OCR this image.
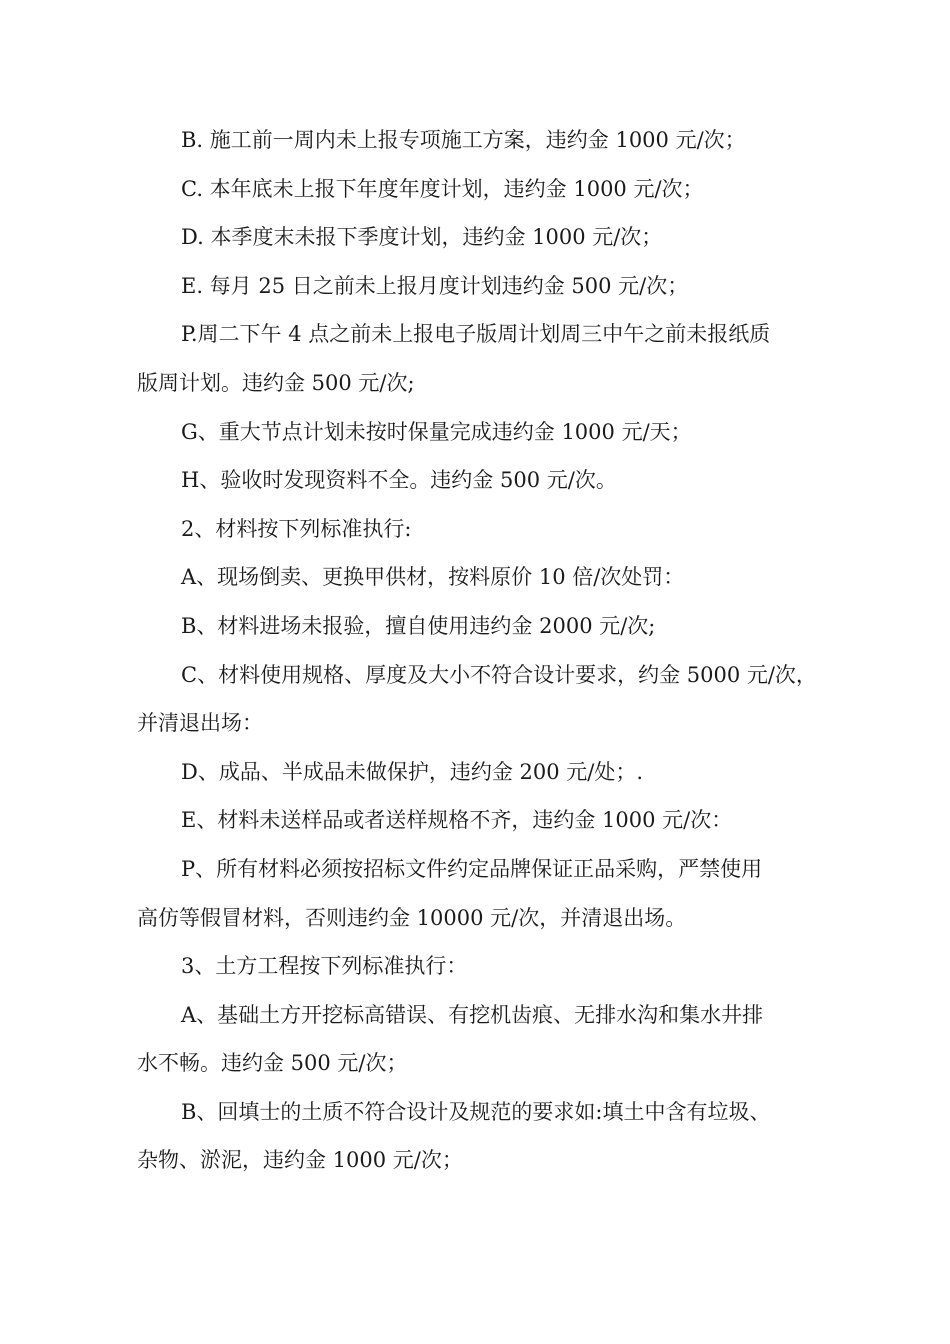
B. 施工前一周内未上报专项施工方案，违约金 1000 元/次；
C. 本年底未上报下年度年度计划，违约金 1000 元/次；
D. 本季度末未报下季度计划，违约金 1000 元/次；
E. 每月 25 日之前未上报月度计划违约金 500 元/次；
P.周二下午 4 点之前未上报电子版周计划周三中午之前未报纸质
版周计划。违约金 500 元/次;
G、重大节点计划未按时保量完成违约金 1000 元/天；
H、验收时发现资料不全。违约金 500 元/次。
2、材料按下列标准执行:
A、现场倒卖、更换甲供材，按料原价 10 倍/次处罚：
B、材料进场未报验，擅自使用违约金 2000 元/次;
C、材料使用规格、厚度及大小不符合设计要求，约金 5000 元/次，
并清退出场：
D、成品、半成品未做保护，违约金 200 元/处；.
E、材料未送样品或者送样规格不齐，违约金 1000 元/次：
P、所有材料必须按招标文件约定品牌保证正品采购，严禁使用
高仿等假冒材料，否则违约金 10000 元/次，并清退出场。
3、土方工程按下列标准执行：
A、基础土方开挖标高错误、有挖机齿痕、无排水沟和集水井排
水不畅。违约金 500 元/次；
B、回填士的土质不符合设计及规范的要求如:填土中含有垃圾、
杂物、淤泥，违约金 1000 元/次；
